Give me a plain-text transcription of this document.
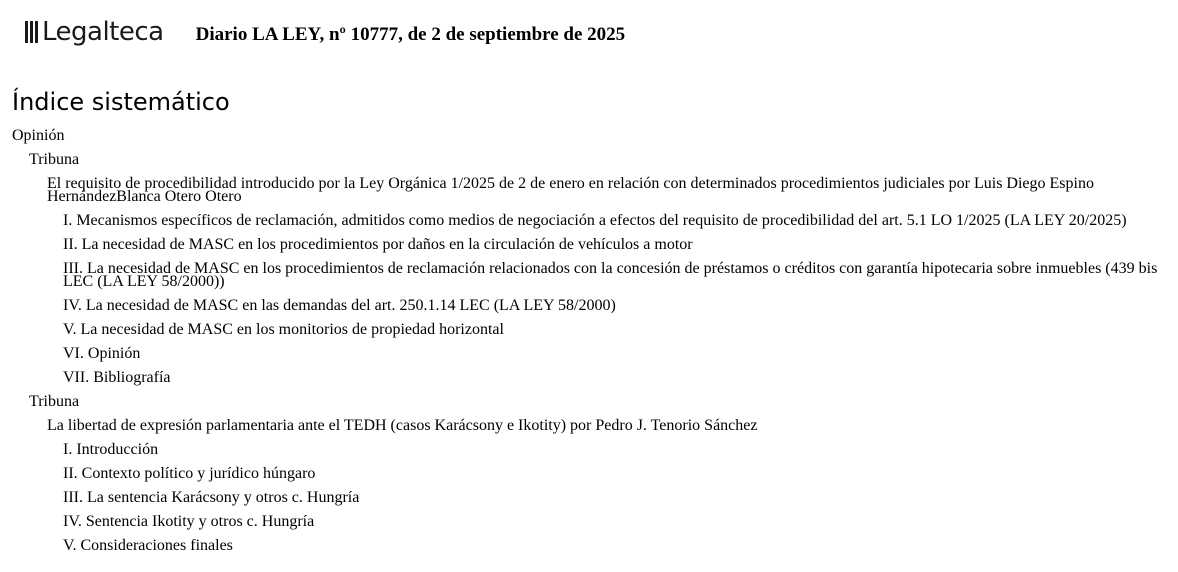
Legalteca Diario LA LEY, nº 10777, de 2 de septiembre de 2025
Índice sistemático
Opinión
Tribuna
El requisito de procedibilidad introducido por la Ley Orgánica 1/2025 de 2 de enero en relación con determinados procedimientos judiciales por Luis Diego Espino HernándezBlanca Otero Otero
I. Mecanismos específicos de reclamación, admitidos como medios de negociación a efectos del requisito de procedibilidad del art. 5.1 LO 1/2025 (LA LEY 20/2025)
II. La necesidad de MASC en los procedimientos por daños en la circulación de vehículos a motor
III. La necesidad de MASC en los procedimientos de reclamación relacionados con la concesión de préstamos o créditos con garantía hipotecaria sobre inmuebles (439 bis LEC (LA LEY 58/2000))
IV. La necesidad de MASC en las demandas del art. 250.1.14 LEC (LA LEY 58/2000)
V. La necesidad de MASC en los monitorios de propiedad horizontal
VI. Opinión
VII. Bibliografía
Tribuna
La libertad de expresión parlamentaria ante el TEDH (casos Karácsony e Ikotity) por Pedro J. Tenorio Sánchez
I. Introducción
II. Contexto político y jurídico húngaro
III. La sentencia Karácsony y otros c. Hungría
IV. Sentencia Ikotity y otros c. Hungría
V. Consideraciones finales
